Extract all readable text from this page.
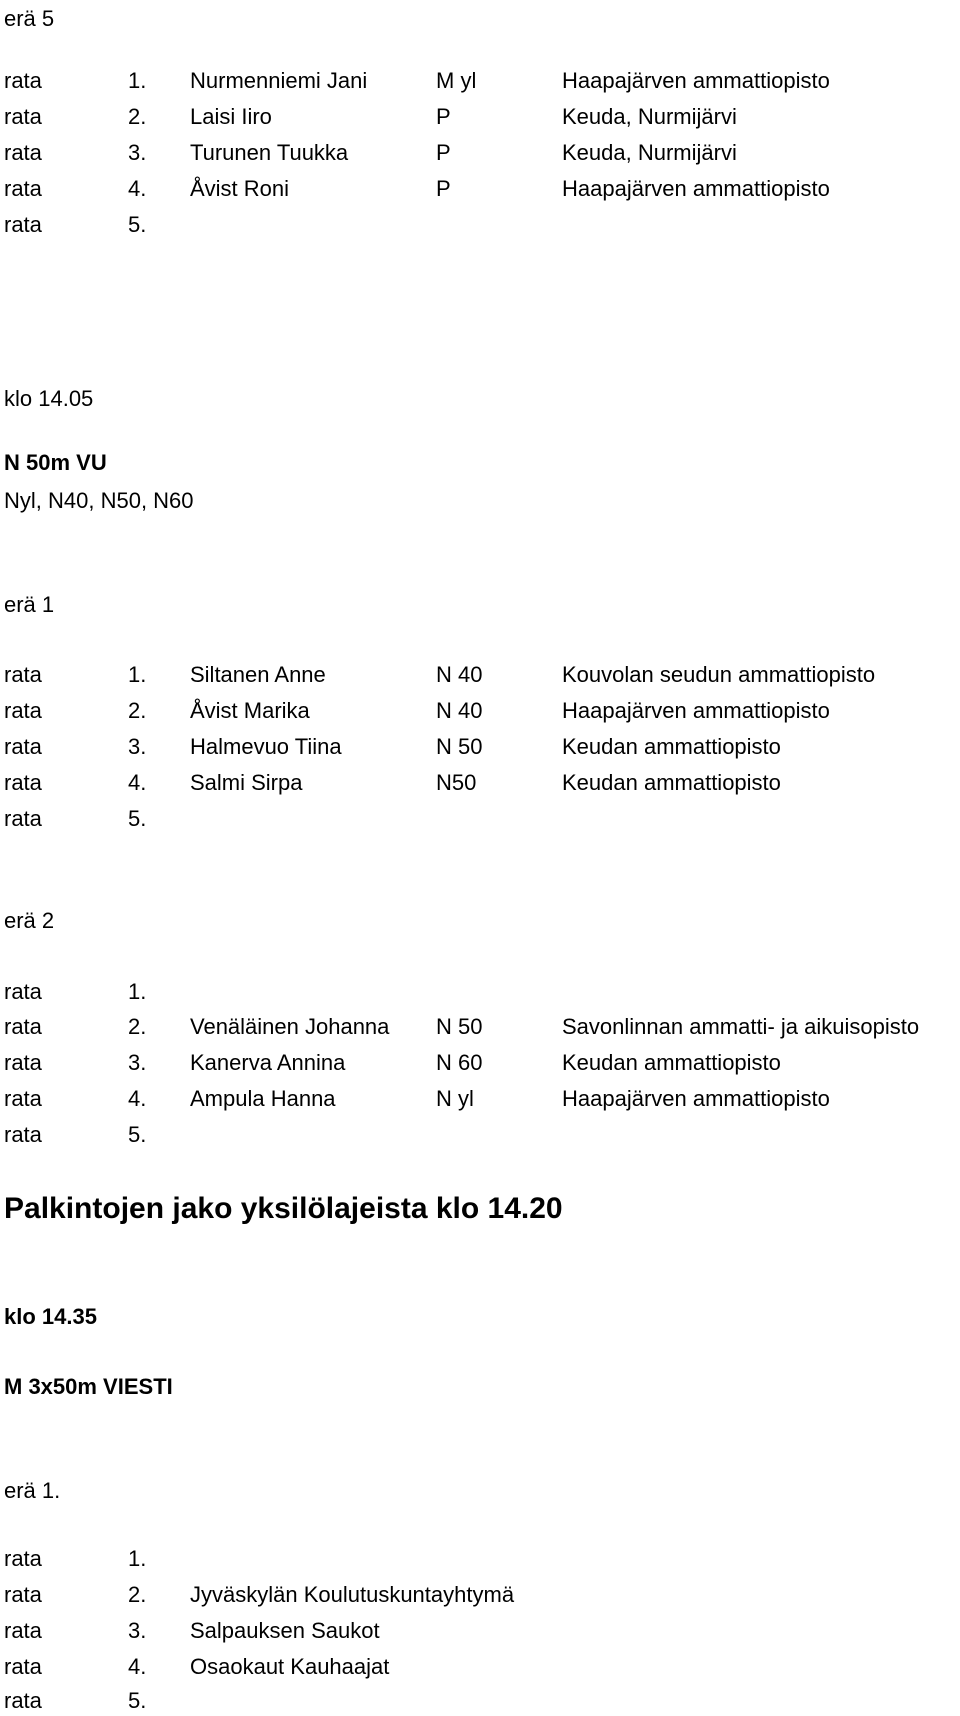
erä 5
rata	1. Nurmenniemi Jani	M yl	Haapajärven ammattiopisto
rata	2. Laisi Iiro	P	Keuda, Nurmijärvi
rata	3. Turunen Tuukka	P	Keuda, Nurmijärvi
rata	4. Åvist Roni	P	Haapajärven ammattiopisto
rata	5.
klo 14.05
N 50m VU
Nyl, N40, N50, N60
erä 1
rata	1. Siltanen Anne	N 40	Kouvolan seudun ammattiopisto
rata	2. Åvist Marika	N 40	Haapajärven ammattiopisto
rata	3. Halmevuo Tiina	N 50	Keudan ammattiopisto
rata	4. Salmi Sirpa	N50	Keudan ammattiopisto
rata	5.
erä 2
rata	1.
rata	2. Venäläinen Johanna N 50	Savonlinnan ammatti- ja aikuisopisto
rata	3. Kanerva Annina	N 60	Keudan ammattiopisto
rata	4. Ampula Hanna	N yl	Haapajärven ammattiopisto
rata	5.
Palkintojen jako yksilölajeista klo 14.20
klo 14.35
M 3x50m VIESTI
erä 1.
rata	1.
rata	2. Jyväskylän Koulutuskuntayhtymä
rata	3. Salpauksen Saukot
rata	4. Osaokaut Kauhaajat
rata	5.
